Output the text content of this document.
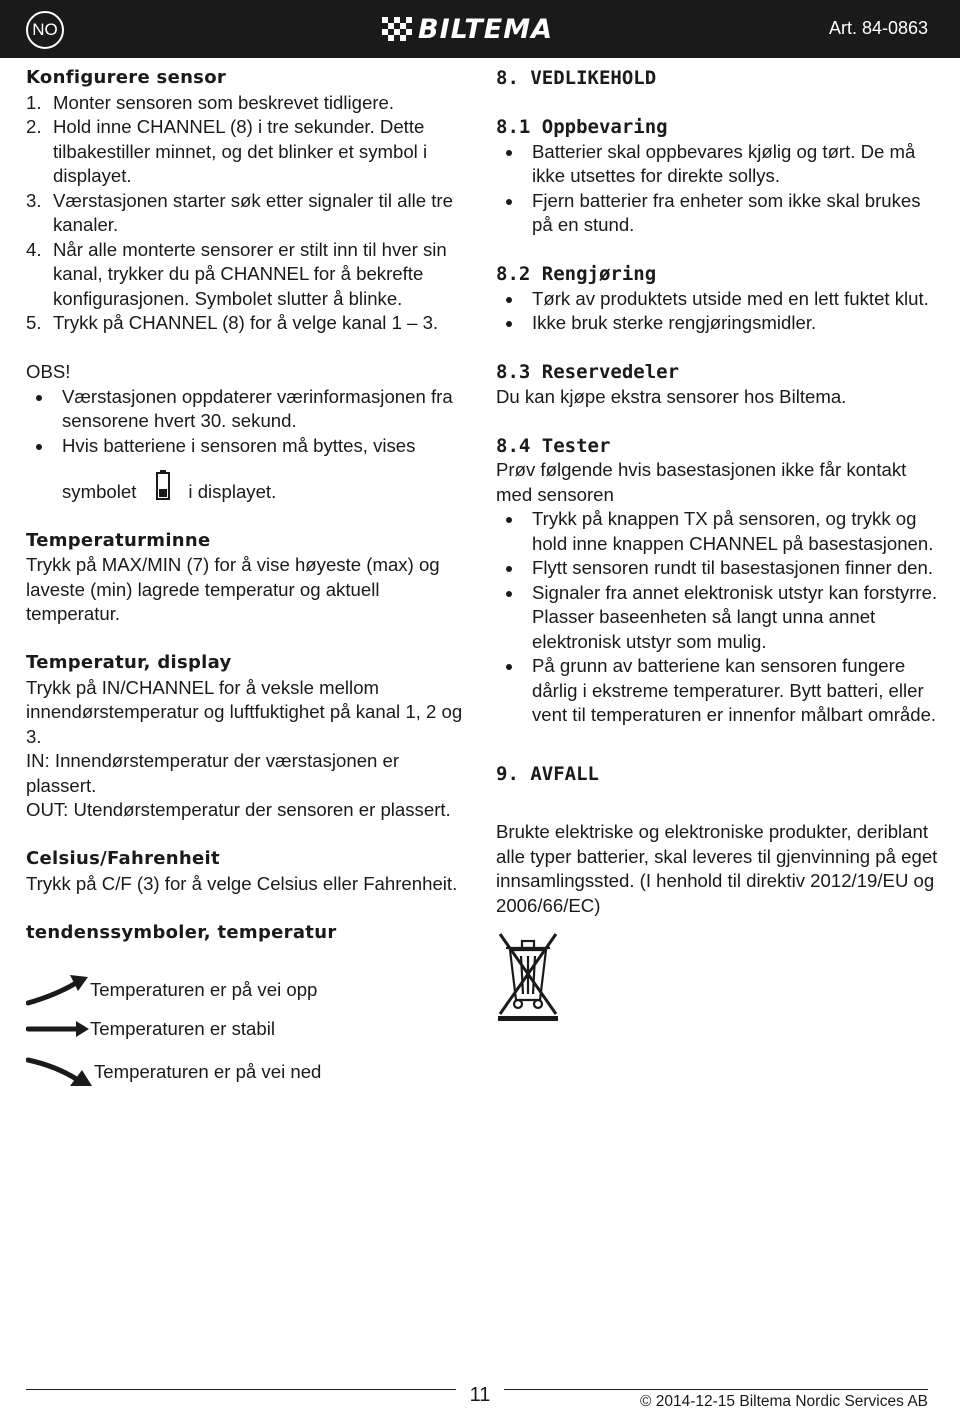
NO	BILTEMA	Art. 84-0863

Konfigurere sensor

1. Monter sensoren som beskrevet tidligere.
2. Hold inne CHANNEL (8) i tre sekunder. Dette tilbakestiller minnet, og det blinker et symbol i displayet.
3. Værstasjonen starter søk etter signaler til alle tre kanaler.
4. Når alle monterte sensorer er stilt inn til hver sin kanal, trykker du på CHANNEL for å bekrefte konfigurasjonen. Symbolet slutter å blinke.
5. Trykk på CHANNEL (8) for å velge kanal 1 – 3.

OBS!

Værstasjonen oppdaterer værinformasjonen fra sensorene hvert 30. sekund.
Hvis batteriene i sensoren må byttes, vises
symbolet	i displayet.

Temperaturminne

Trykk på MAX/MIN (7) for å vise høyeste (max) og laveste (min) lagrede temperatur og aktuell temperatur.

Temperatur, display

Trykk på IN/CHANNEL for å veksle mellom innendørstemperatur og luftfuktighet på kanal 1, 2 og 3.

IN: Innendørstemperatur der værstasjonen er plassert.

OUT: Utendørstemperatur der sensoren er plassert.

Celsius/Fahrenheit

Trykk på C/F (3) for å velge Celsius eller Fahrenheit.

tendenssymboler, temperatur

Temperaturen er på vei opp
Temperaturen er stabil
Temperaturen er på vei ned

8. VEDLIKEHOLD

8.1 Oppbevaring

Batterier skal oppbevares kjølig og tørt. De må ikke utsettes for direkte sollys.
Fjern batterier fra enheter som ikke skal brukes på en stund.

8.2 Rengjøring

Tørk av produktets utside med en lett fuktet klut.
Ikke bruk sterke rengjøringsmidler.

8.3 Reservedeler

Du kan kjøpe ekstra sensorer hos Biltema.

8.4 Tester

Prøv følgende hvis basestasjonen ikke får kontakt med sensoren

Trykk på knappen TX på sensoren, og trykk og hold inne knappen CHANNEL på basestasjonen.
Flytt sensoren rundt til basestasjonen finner den.
Signaler fra annet elektronisk utstyr kan forstyrre. Plasser baseenheten så langt unna annet elektronisk utstyr som mulig.
På grunn av batteriene kan sensoren fungere dårlig i ekstreme temperaturer. Bytt batteri, eller vent til temperaturen er innenfor målbart område.

9. AVFALL

Brukte elektriske og elektroniske produkter, deriblant alle typer batterier, skal leveres til gjenvinning på eget innsamlingssted. (I henhold til direktiv 2012/19/EU og 2006/66/EC)

11	© 2014-12-15 Biltema Nordic Services AB
